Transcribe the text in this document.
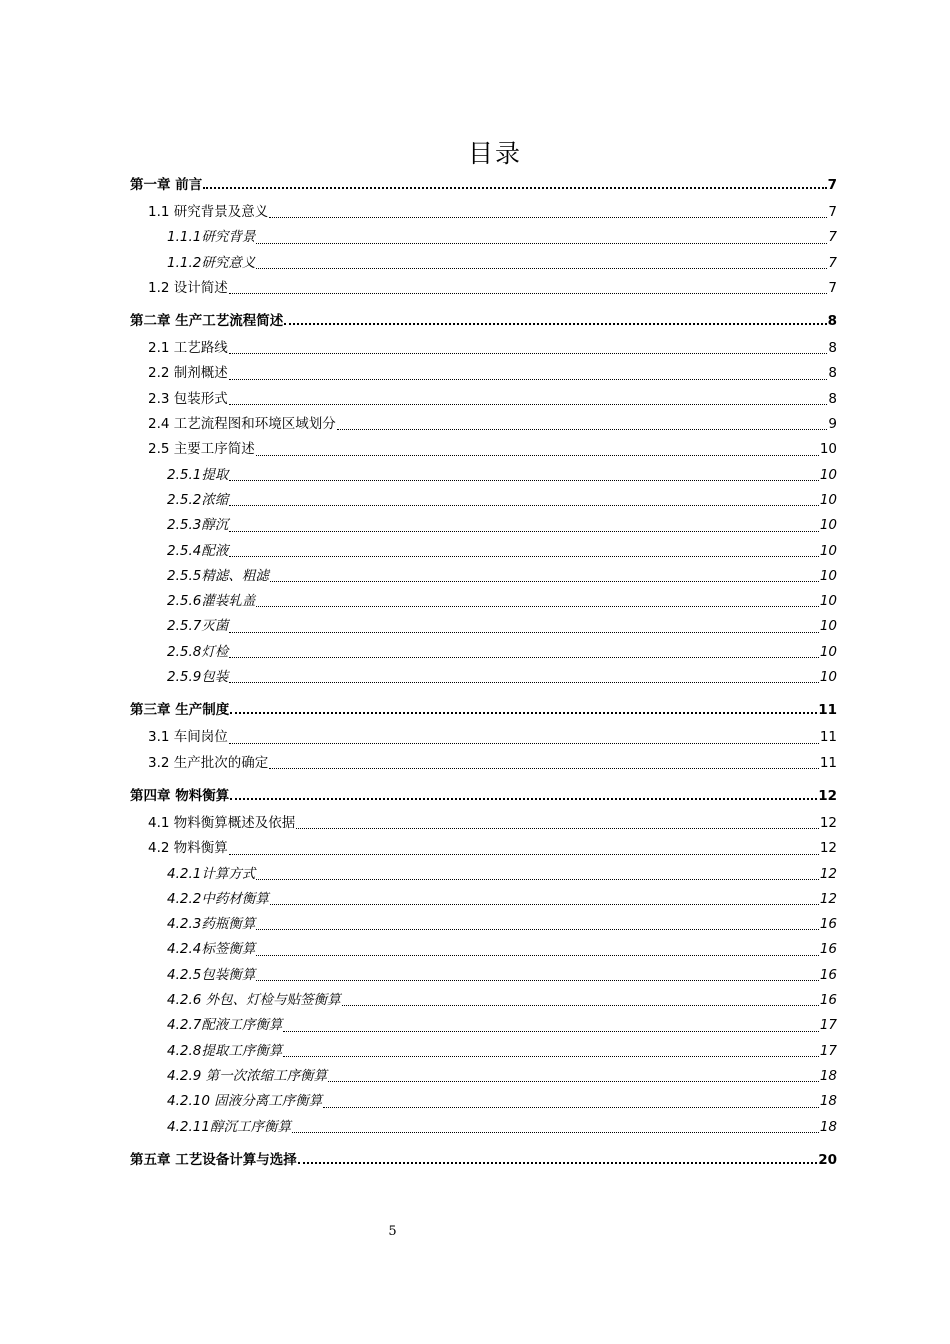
目录
第一章 前言	7
1.1 研究背景及意义	7
1.1.1研究背景	7
1.1.2研究意义	7
1.2 设计简述	7
第二章 生产工艺流程简述	8
2.1 工艺路线	8
2.2 制剂概述	8
2.3 包装形式	8
2.4 工艺流程图和环境区域划分	9
2.5 主要工序简述	10
2.5.1提取	10
2.5.2浓缩	10
2.5.3醇沉	10
2.5.4配液	10
2.5.5精滤、粗滤	10
2.5.6灌装轧盖	10
2.5.7灭菌	10
2.5.8灯检	10
2.5.9包装	10
第三章 生产制度	11
3.1 车间岗位	11
3.2 生产批次的确定	11
第四章 物料衡算	12
4.1 物料衡算概述及依据	12
4.2 物料衡算	12
4.2.1计算方式	12
4.2.2中药材衡算	12
4.2.3药瓶衡算	16
4.2.4标签衡算	16
4.2.5包装衡算	16
4.2.6 外包、灯检与贴签衡算	16
4.2.7配液工序衡算	17
4.2.8提取工序衡算	17
4.2.9 第一次浓缩工序衡算	18
4.2.10 固液分离工序衡算	18
4.2.11醇沉工序衡算	18
第五章 工艺设备计算与选择	20
5
